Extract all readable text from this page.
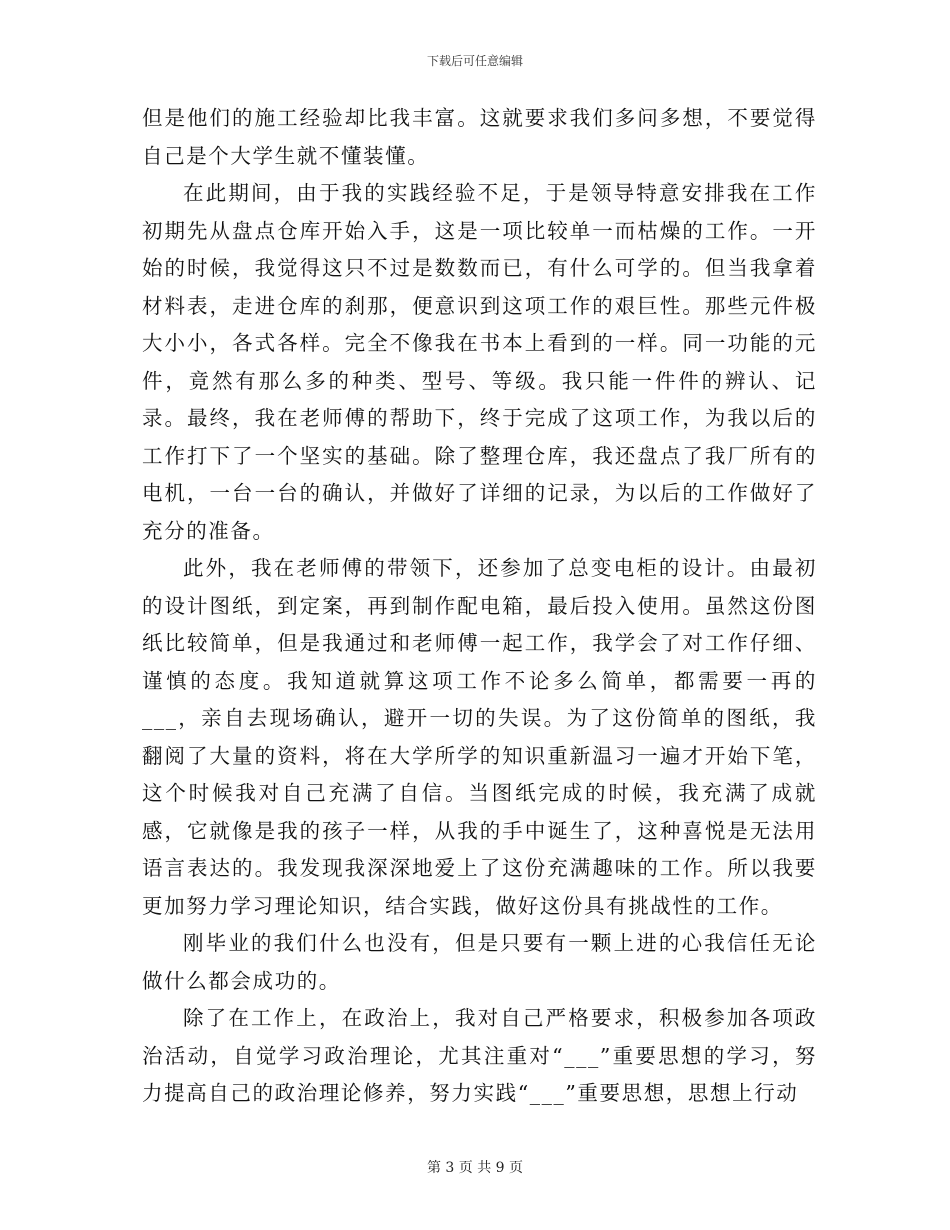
下载后可任意编辑
但是他们的施工经验却比我丰富。这就要求我们多问多想，不要觉得自己是个大学生就不懂装懂。
在此期间，由于我的实践经验不足，于是领导特意安排我在工作初期先从盘点仓库开始入手，这是一项比较单一而枯燥的工作。一开始的时候，我觉得这只不过是数数而已，有什么可学的。但当我拿着材料表，走进仓库的刹那，便意识到这项工作的艰巨性。那些元件极大小小，各式各样。完全不像我在书本上看到的一样。同一功能的元件，竟然有那么多的种类、型号、等级。我只能一件件的辨认、记录。最终，我在老师傅的帮助下，终于完成了这项工作，为我以后的工作打下了一个坚实的基础。除了整理仓库，我还盘点了我厂所有的电机，一台一台的确认，并做好了详细的记录，为以后的工作做好了充分的准备。
此外，我在老师傅的带领下，还参加了总变电柜的设计。由最初的设计图纸，到定案，再到制作配电箱，最后投入使用。虽然这份图纸比较简单，但是我通过和老师傅一起工作，我学会了对工作仔细、谨慎的态度。我知道就算这项工作不论多么简单，都需要一再的___，亲自去现场确认，避开一切的失误。为了这份简单的图纸，我翻阅了大量的资料，将在大学所学的知识重新温习一遍才开始下笔，这个时候我对自己充满了自信。当图纸完成的时候，我充满了成就感，它就像是我的孩子一样，从我的手中诞生了，这种喜悦是无法用语言表达的。我发现我深深地爱上了这份充满趣味的工作。所以我要更加努力学习理论知识，结合实践，做好这份具有挑战性的工作。
刚毕业的我们什么也没有，但是只要有一颗上进的心我信任无论做什么都会成功的。
除了在工作上，在政治上，我对自己严格要求，积极参加各项政治活动，自觉学习政治理论，尤其注重对“___”重要思想的学习，努力提高自己的政治理论修养，努力实践“___”重要思想，思想上行动
第 3 页 共 9 页
